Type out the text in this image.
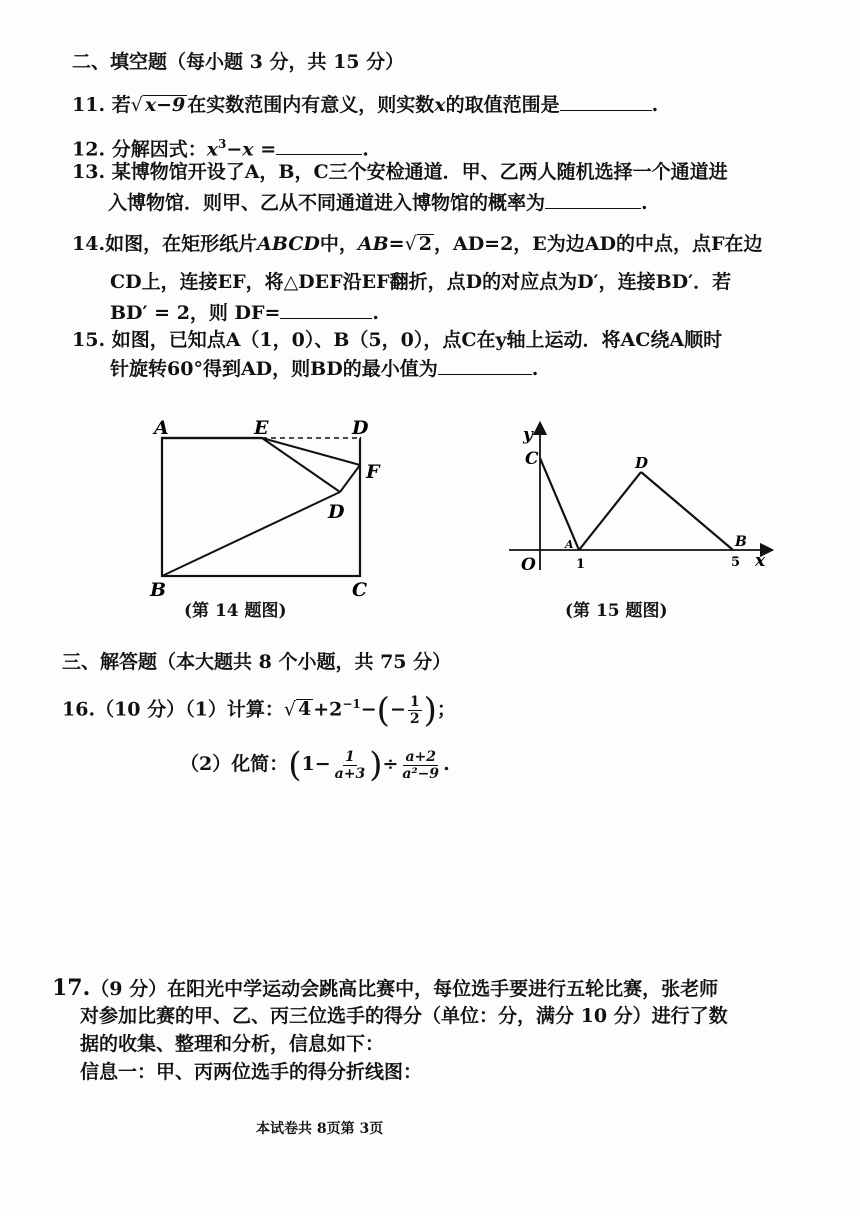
二、填空题（每小题 3 分，共 15 分）
11. 若√ x−9 在实数范围内有意义，则实数x的取值范围是	.
12. 分解因式：$x^3-x$ =	.
13. 某博物馆开设了A，B，C三个安检通道．甲、乙两人随机选择一个通道进
入博物馆．则甲、乙从不同通道进入博物馆的概率为	.
14.如图，在矩形纸片ABCD中，AB=√ 2 ，AD=2，E为边AD的中点，点F在边
CD上，连接EF，将△DEF沿EF翻折，点D的对应点为D′，连接BD′．若
BD′ = 2，则 DF=	.
15. 如图，已知点A（1，0）、B（5，0），点C在y轴上运动．将AC绕A顺时
针旋转60°得到AD，则BD的最小值为	.
A	E	D
F
D
B	C
(第 14 题图)
y
x
O
C
A
D
B
1	5
(第 15 题图)
三、解答题（本大题共 8 个小题，共 75 分）
16.（10 分）（1）计算：√ $4 +2^{-1}-(- \frac{1}{2}$ )；
（2）化简：($1- \frac{1}{a+3}$ )÷ $\frac{a+2}{\text{a²−9}}$ .
17.（9 分）在阳光中学运动会跳高比赛中，每位选手要进行五轮比赛，张老师
对参加比赛的甲、乙、丙三位选手的得分（单位：分，满分 10 分）进行了数
据的收集、整理和分析，信息如下：
信息一：甲、丙两位选手的得分折线图：
本试卷共 8页第 3页
